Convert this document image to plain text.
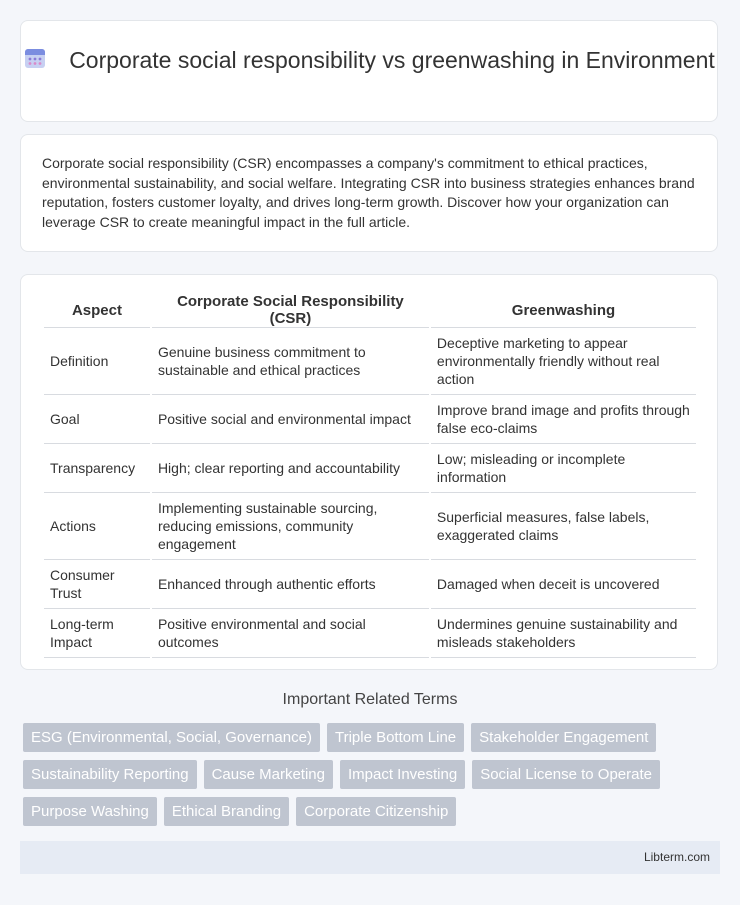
Corporate social responsibility vs greenwashing in Environment
Corporate social responsibility (CSR) encompasses a company's commitment to ethical practices, environmental sustainability, and social welfare. Integrating CSR into business strategies enhances brand reputation, fosters customer loyalty, and drives long-term growth. Discover how your organization can leverage CSR to create meaningful impact in the full article.
Aspect	Corporate Social Responsibility (CSR)	Greenwashing
Definition	Genuine business commitment to sustainable and ethical practices	Deceptive marketing to appear environmentally friendly without real action
Goal	Positive social and environmental impact	Improve brand image and profits through false eco-claims
Transparency	High; clear reporting and accountability	Low; misleading or incomplete information
Actions	Implementing sustainable sourcing, reducing emissions, community engagement	Superficial measures, false labels, exaggerated claims
Consumer Trust	Enhanced through authentic efforts	Damaged when deceit is uncovered
Long-term Impact	Positive environmental and social outcomes	Undermines genuine sustainability and misleads stakeholders
Important Related Terms
ESG (Environmental, Social, Governance)	Triple Bottom Line	Stakeholder Engagement
Sustainability Reporting	Cause Marketing	Impact Investing	Social License to Operate
Purpose Washing	Ethical Branding	Corporate Citizenship
Libterm.com
